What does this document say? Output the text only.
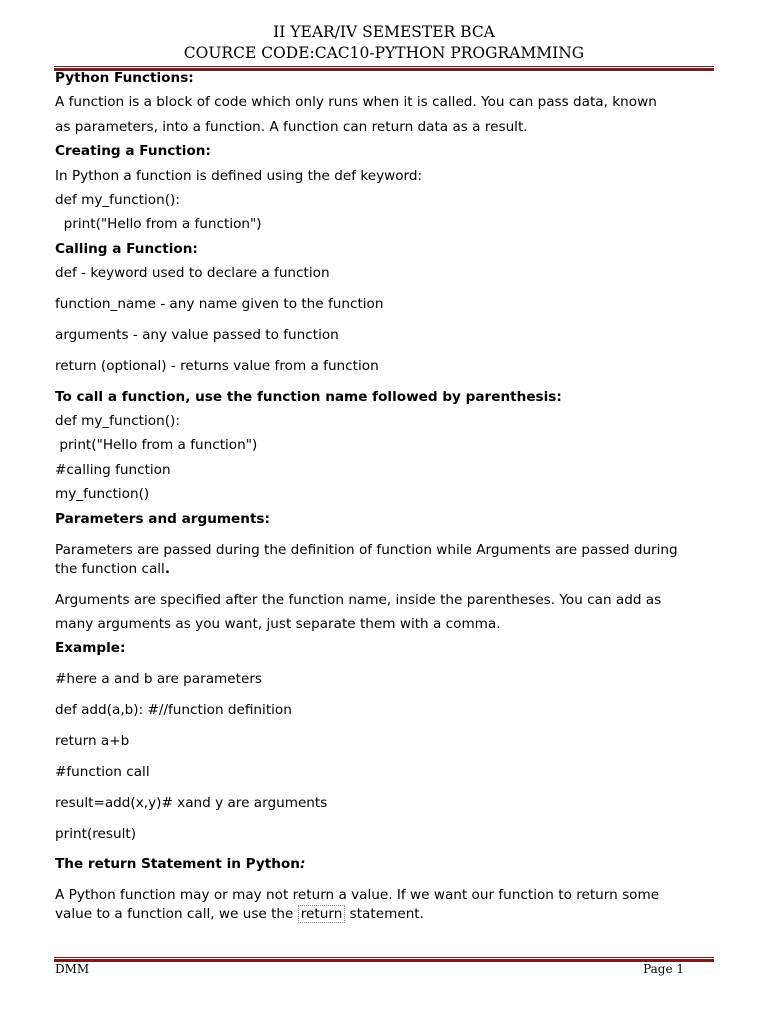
II YEAR/IV SEMESTER BCA
COURCE CODE:CAC10-PYTHON PROGRAMMING
Python Functions:
A function is a block of code which only runs when it is called. You can pass data, known
as parameters, into a function. A function can return data as a result.
Creating a Function:
In Python a function is defined using the def keyword:
def my_function():
print("Hello from a function")
Calling a Function:
def - keyword used to declare a function
function_name - any name given to the function
arguments - any value passed to function
return (optional) - returns value from a function
To call a function, use the function name followed by parenthesis:
def my_function():
print("Hello from a function")
#calling function
my_function()
Parameters and arguments:
Parameters are passed during the definition of function while Arguments are passed during
the function call.
Arguments are specified after the function name, inside the parentheses. You can add as
many arguments as you want, just separate them with a comma.
Example:
#here a and b are parameters
def add(a,b): #//function definition
return a+b
#function call
result=add(x,y)# xand y are arguments
print(result)
The return Statement in Python:
A Python function may or may not return a value. If we want our function to return some
value to a function call, we use the return statement.
DMM	Page 1
